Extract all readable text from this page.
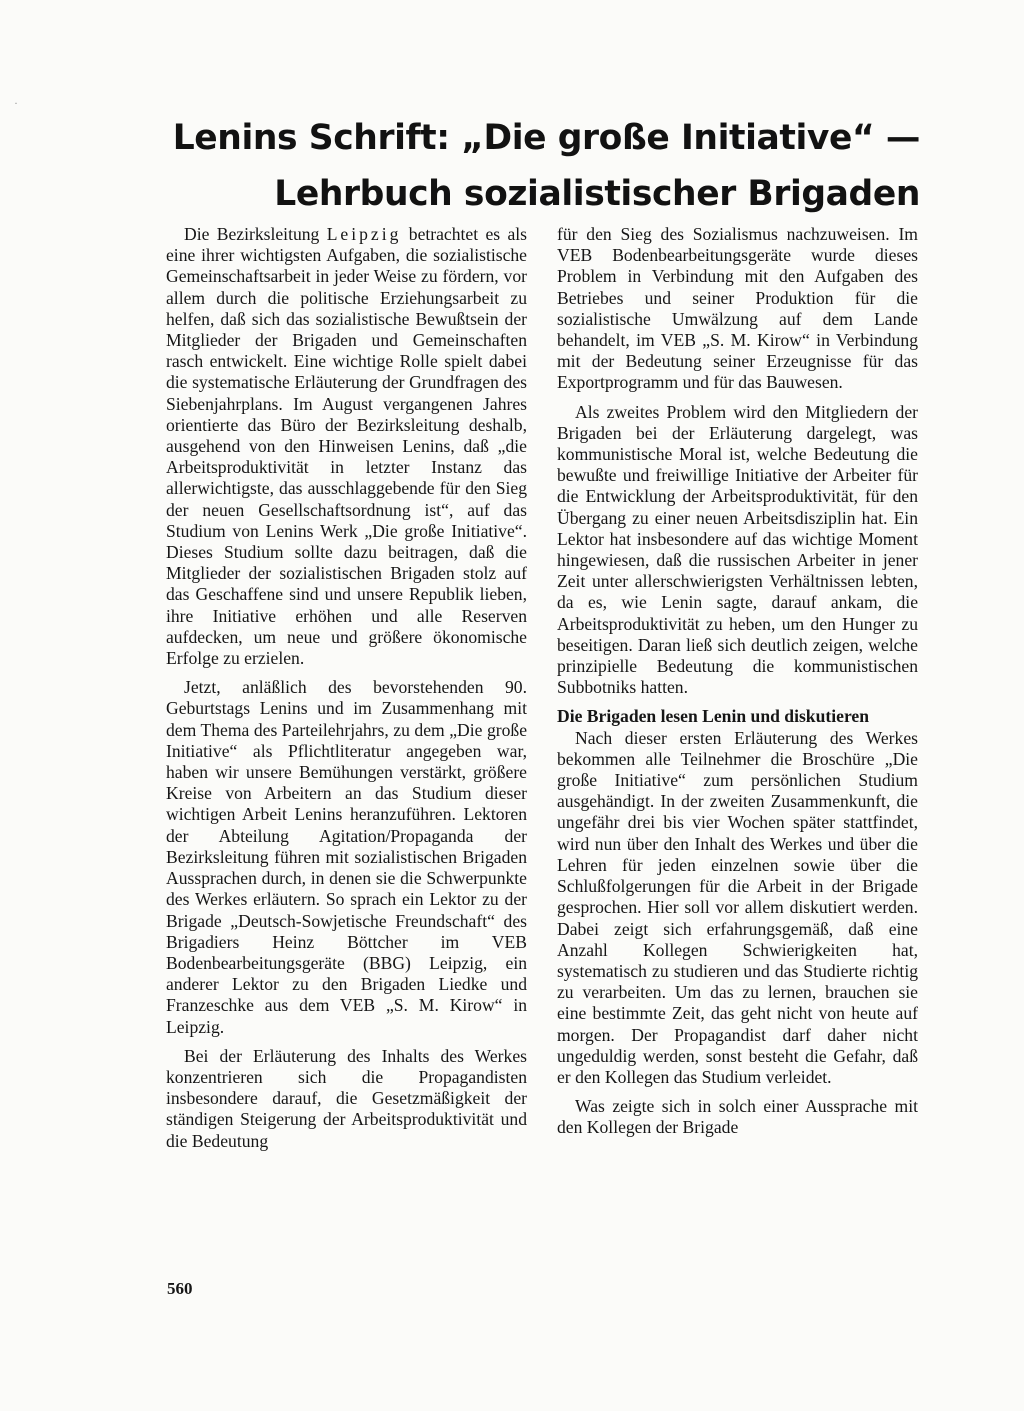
·
Lenins Schrift: „Die große Initiative“ —
Lehrbuch sozialistischer Brigaden

Die Bezirksleitung Leipzig betrachtet es als eine ihrer wichtigsten Aufgaben, die sozialistische Gemeinschaftsarbeit in jeder Weise zu fördern, vor allem durch die politische Erziehungsarbeit zu helfen, daß sich das sozialistische Bewußtsein der Mitglieder der Brigaden und Gemeinschaften rasch entwickelt. Eine wichtige Rolle spielt dabei die systematische Erläuterung der Grundfragen des Siebenjahrplans. Im August vergangenen Jahres orientierte das Büro der Bezirksleitung deshalb, ausgehend von den Hinweisen Lenins, daß „die Arbeitsproduktivität in letzter Instanz das allerwichtigste, das ausschlaggebende für den Sieg der neuen Gesellschaftsordnung ist“, auf das Studium von Lenins Werk „Die große Initiative“. Dieses Studium sollte dazu beitragen, daß die Mitglieder der sozialistischen Brigaden stolz auf das Geschaffene sind und unsere Republik lieben, ihre Initiative erhöhen und alle Reserven aufdecken, um neue und größere ökonomische Erfolge zu erzielen.

Jetzt, anläßlich des bevorstehenden 90. Geburtstags Lenins und im Zusammenhang mit dem Thema des Parteilehrjahrs, zu dem „Die große Initiative“ als Pflichtliteratur angegeben war, haben wir unsere Bemühungen verstärkt, größere Kreise von Arbeitern an das Studium dieser wichtigen Arbeit Lenins heranzuführen. Lektoren der Abteilung Agitation/Propaganda der Bezirksleitung führen mit sozialistischen Brigaden Aussprachen durch, in denen sie die Schwerpunkte des Werkes erläutern. So sprach ein Lektor zu der Brigade „Deutsch-Sowjetische Freundschaft“ des Brigadiers Heinz Böttcher im VEB Bodenbearbeitungsgeräte (BBG) Leipzig, ein anderer Lektor zu den Brigaden Liedke und Franzeschke aus dem VEB „S. M. Kirow“ in Leipzig.

Bei der Erläuterung des Inhalts des Werkes konzentrieren sich die Propagandisten insbesondere darauf, die Gesetzmäßigkeit der ständigen Steigerung der Arbeitsproduktivität und die Bedeutung

für den Sieg des Sozialismus nachzuweisen. Im VEB Bodenbearbeitungsgeräte wurde dieses Problem in Verbindung mit den Aufgaben des Betriebes und seiner Produktion für die sozialistische Umwälzung auf dem Lande behandelt, im VEB „S. M. Kirow“ in Verbindung mit der Bedeutung seiner Erzeugnisse für das Exportprogramm und für das Bauwesen.

Als zweites Problem wird den Mitgliedern der Brigaden bei der Erläuterung dargelegt, was kommunistische Moral ist, welche Bedeutung die bewußte und freiwillige Initiative der Arbeiter für die Entwicklung der Arbeitsproduktivität, für den Übergang zu einer neuen Arbeitsdisziplin hat. Ein Lektor hat insbesondere auf das wichtige Moment hingewiesen, daß die russischen Arbeiter in jener Zeit unter allerschwierigsten Verhältnissen lebten, da es, wie Lenin sagte, darauf ankam, die Arbeitsproduktivität zu heben, um den Hunger zu beseitigen. Daran ließ sich deutlich zeigen, welche prinzipielle Bedeutung die kommunistischen Subbotniks hatten.

Die Brigaden lesen Lenin und diskutieren

Nach dieser ersten Erläuterung des Werkes bekommen alle Teilnehmer die Broschüre „Die große Initiative“ zum persönlichen Studium ausgehändigt. In der zweiten Zusammenkunft, die ungefähr drei bis vier Wochen später stattfindet, wird nun über den Inhalt des Werkes und über die Lehren für jeden einzelnen sowie über die Schlußfolgerungen für die Arbeit in der Brigade gesprochen. Hier soll vor allem diskutiert werden. Dabei zeigt sich erfahrungsgemäß, daß eine Anzahl Kollegen Schwierigkeiten hat, systematisch zu studieren und das Studierte richtig zu verarbeiten. Um das zu lernen, brauchen sie eine bestimmte Zeit, das geht nicht von heute auf morgen. Der Propagandist darf daher nicht ungeduldig werden, sonst besteht die Gefahr, daß er den Kollegen das Studium verleidet.

Was zeigte sich in solch einer Aussprache mit den Kollegen der Brigade

560
